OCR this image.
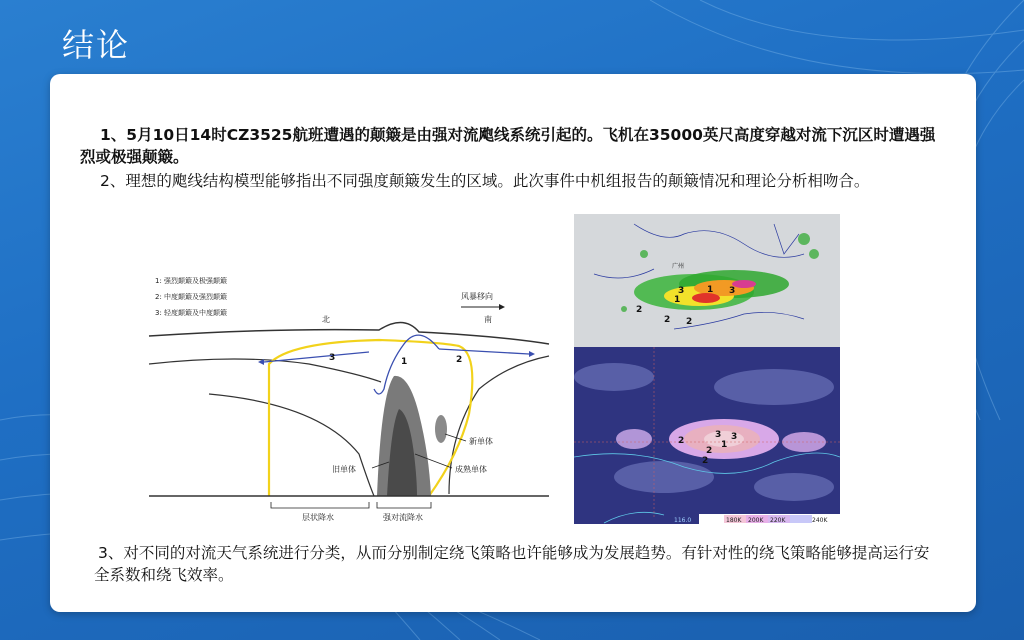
结论
1、5月10日14时CZ3525航班遭遇的颠簸是由强对流飑线系统引起的。飞机在35000英尺高度穿越对流下沉区时遭遇强烈或极强颠簸。
2、理想的飑线结构模型能够指出不同强度颠簸发生的区域。此次事件中机组报告的颠簸情况和理论分析相吻合。
1: 强烈颠簸及极强颠簸
2: 中度颠簸及强烈颠簸
3: 轻度颠簸及中度颠簸
风暴移向
北	南
3	1	2
新单体
旧单体	成熟单体
层状降水	强对流降水
2
1
3	1 3
2 2
广州
2
3
1
3
2
2
116.0	180K 200K 220K	240K
3、对不同的对流天气系统进行分类，从而分别制定绕飞策略也许能够成为发展趋势。有针对性的绕飞策略能够提高运行安全系数和绕飞效率。
